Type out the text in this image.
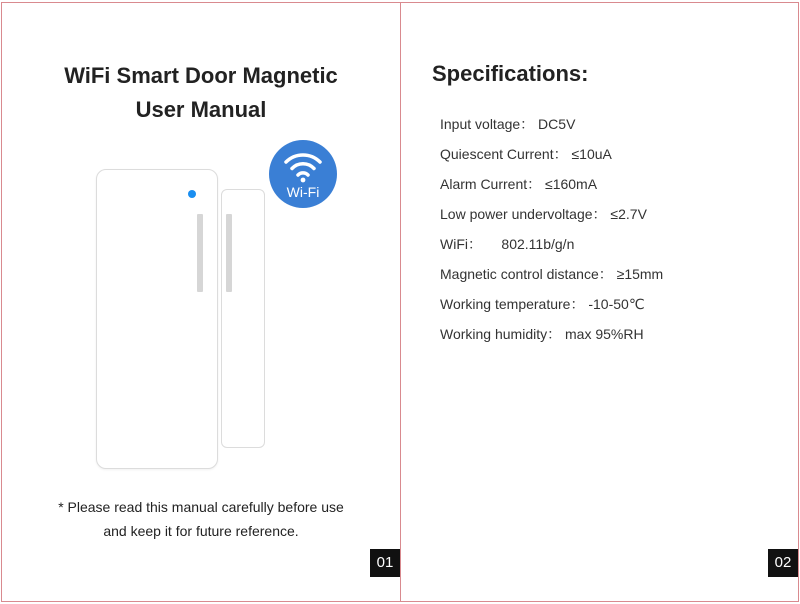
WiFi Smart Door Magnetic
User Manual
Wi-Fi
* Please read this manual carefully before use
and keep it for future reference.
01
Specifications:
Input voltage： DC5V
Quiescent Current： ≤10uA
Alarm Current： ≤160mA
Low power undervoltage： ≤2.7V
WiFi：     802.11b/g/n
Magnetic control distance： ≥15mm
Working temperature： -10-50℃
Working humidity： max 95%RH
02
